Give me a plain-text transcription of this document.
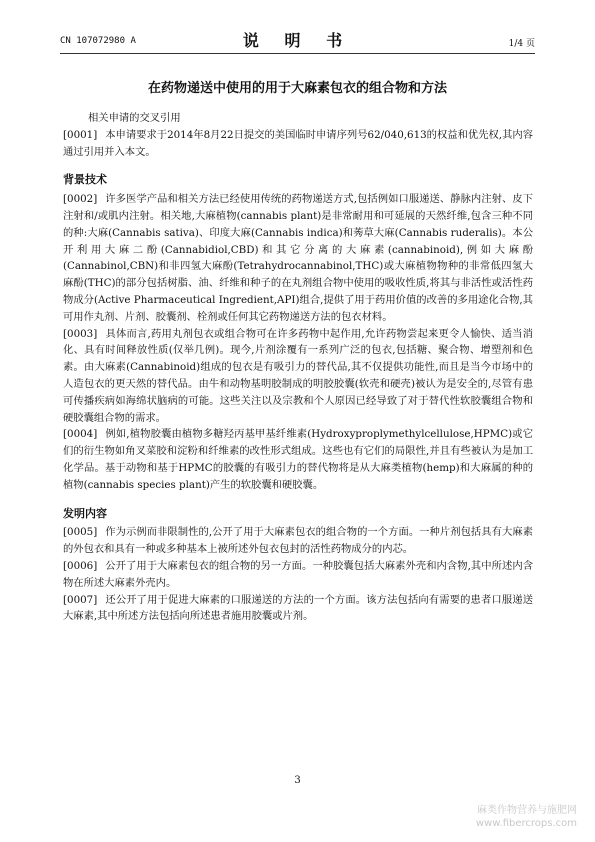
CN 107072980 A	说 明 书	1/4 页
在药物递送中使用的用于大麻素包衣的组合物和方法

相关申请的交叉引用

[0001] 本申请要求于2014年8月22日提交的美国临时申请序列号62/040,613的权益和优先权,其内容通过引用并入本文。

背景技术

[0002] 许多医学产品和相关方法已经使用传统的药物递送方式,包括例如口服递送、静脉内注射、皮下注射和/或肌内注射。相关地,大麻植物(cannabis plant)是非常耐用和可延展的天然纤维,包含三种不同的种:大麻(Cannabis sativa)、印度大麻(Cannabis indica)和莠草大麻(Cannabis ruderalis)。本公开利用大麻二酚(Cannabidiol,CBD)和其它分离的大麻素(cannabinoid),例如大麻酚(Cannabinol,CBN)和非四氢大麻酚(Tetrahydrocannabinol,THC)或大麻植物物种的非常低四氢大麻酚(THC)的部分包括树脂、油、纤维和种子的在丸剂组合物中使用的吸收性质,将其与非活性或活性药物成分(Active Pharmaceutical Ingredient,API)组合,提供了用于药用价值的改善的多用途化合物,其可用作丸剂、片剂、胶囊剂、栓剂或任何其它药物递送方法的包衣材料。

[0003] 具体而言,药用丸剂包衣或组合物可在许多药物中起作用,允许药物尝起来更令人愉快、适当消化、具有时间释放性质(仅举几例)。现今,片剂涂覆有一系列广泛的包衣,包括糖、聚合物、增塑剂和色素。由大麻素(Cannabinoid)组成的包衣是有吸引力的替代品,其不仅提供功能性,而且是当今市场中的人造包衣的更天然的替代品。由牛和动物基明胶制成的明胶胶囊(软壳和硬壳)被认为是安全的,尽管有患可传播疾病如海绵状脑病的可能。这些关注以及宗教和个人原因已经导致了对于替代性软胶囊组合物和硬胶囊组合物的需求。

[0004] 例如,植物胶囊由植物多糖羟丙基甲基纤维素(Hydroxyproplymethylcellulose,HPMC)或它们的衍生物如角叉菜胶和淀粉和纤维素的改性形式组成。这些也有它们的局限性,并且有些被认为是加工化学品。基于动物和基于HPMC的胶囊的有吸引力的替代物将是从大麻类植物(hemp)和大麻属的种的植物(cannabis species plant)产生的软胶囊和硬胶囊。

发明内容

[0005] 作为示例而非限制性的,公开了用于大麻素包衣的组合物的一个方面。一种片剂包括具有大麻素的外包衣和具有一种或多种基本上被所述外包衣包封的活性药物成分的内芯。

[0006] 公开了用于大麻素包衣的组合物的另一方面。一种胶囊包括大麻素外壳和内含物,其中所述内含物在所述大麻素外壳内。

[0007] 还公开了用于促进大麻素的口服递送的方法的一个方面。该方法包括向有需要的患者口服递送大麻素,其中所述方法包括向所述患者施用胶囊或片剂。

3
麻类作物营养与施肥网
www.fibercrops.com
